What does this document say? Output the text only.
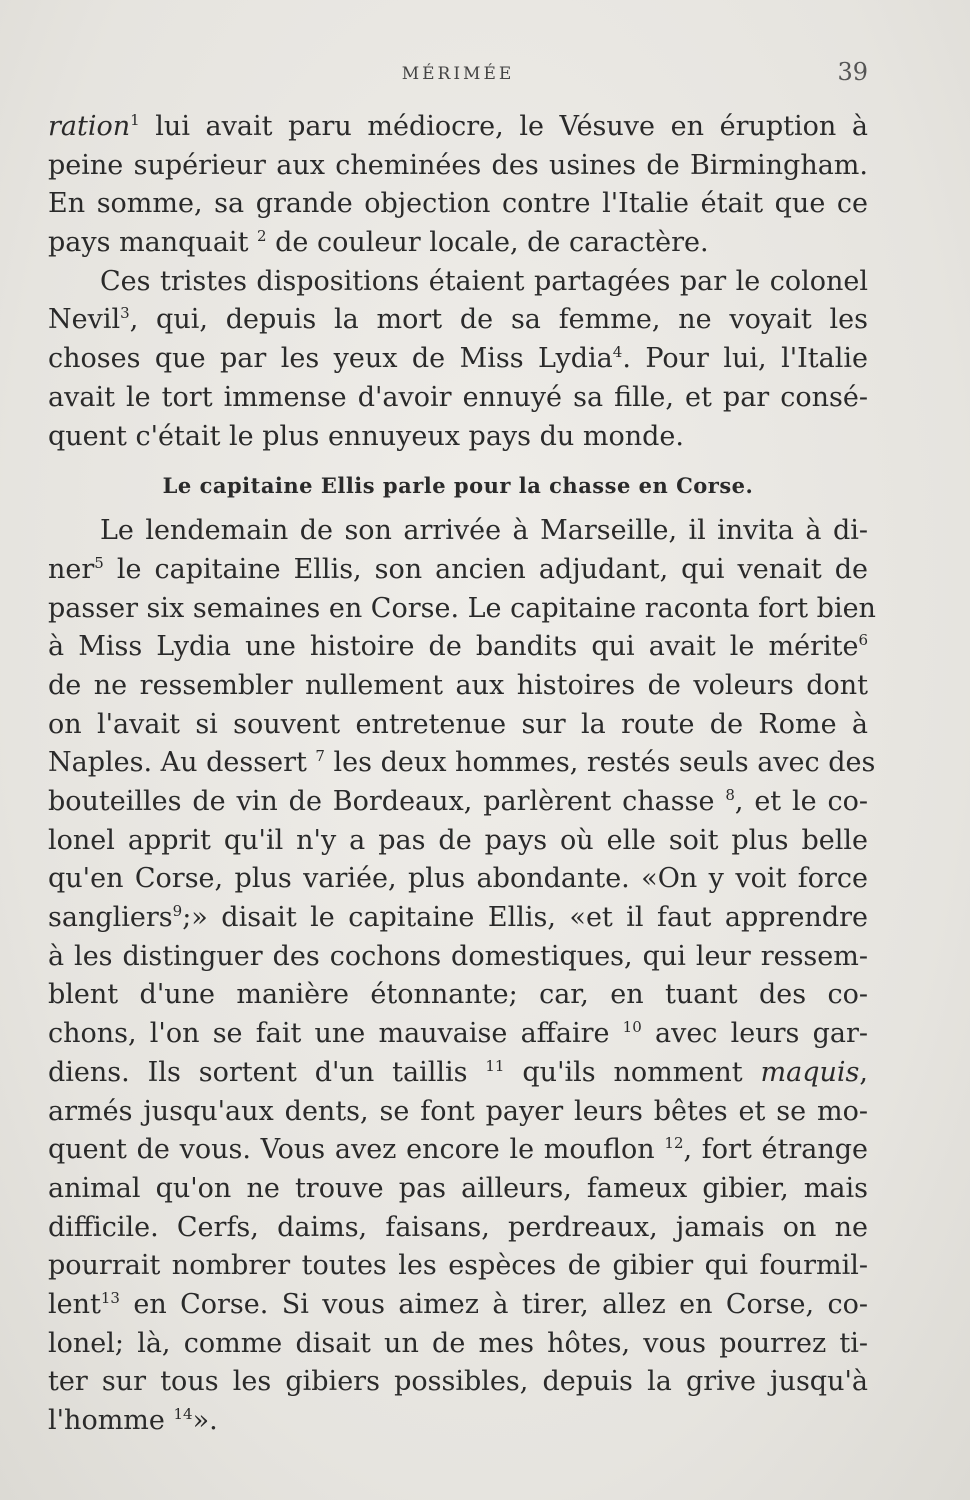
MÉRIMÉE	39
ration$^1$ lui avait paru médiocre, le Vésuve en éruption à
peine supérieur aux cheminées des usines de Birmingham.
En somme, sa grande objection contre l'Italie était que ce
pays manquait $^2$ de couleur locale, de caractère.
Ces tristes dispositions étaient partagées par le colonel
Nevil$^3$, qui, depuis la mort de sa femme, ne voyait les
choses que par les yeux de Miss Lydia$^4$. Pour lui, l'Italie
avait le tort immense d'avoir ennuyé sa fille, et par consé-
quent c'était le plus ennuyeux pays du monde.
Le capitaine Ellis parle pour la chasse en Corse.
Le lendemain de son arrivée à Marseille, il invita à di-
ner$^5$ le capitaine Ellis, son ancien adjudant, qui venait de
passer six semaines en Corse. Le capitaine raconta fort bien
à Miss Lydia une histoire de bandits qui avait le mérite$^6$
de ne ressembler nullement aux histoires de voleurs dont
on l'avait si souvent entretenue sur la route de Rome à
Naples. Au dessert $^7$ les deux hommes, restés seuls avec des
bouteilles de vin de Bordeaux, parlèrent chasse $^8$, et le co-
lonel apprit qu'il n'y a pas de pays où elle soit plus belle
qu'en Corse, plus variée, plus abondante. «On y voit force
sangliers$^9$;» disait le capitaine Ellis, «et il faut apprendre
à les distinguer des cochons domestiques, qui leur ressem-
blent d'une manière étonnante; car, en tuant des co-
chons, l'on se fait une mauvaise affaire $^{10}$ avec leurs gar-
diens. Ils sortent d'un taillis $^{11}$ qu'ils nomment maquis,
armés jusqu'aux dents, se font payer leurs bêtes et se mo-
quent de vous. Vous avez encore le mouflon $^{12}$, fort étrange
animal qu'on ne trouve pas ailleurs, fameux gibier, mais
difficile. Cerfs, daims, faisans, perdreaux, jamais on ne
pourrait nombrer toutes les espèces de gibier qui fourmil-
lent$^{13}$ en Corse. Si vous aimez à tirer, allez en Corse, co-
lonel; là, comme disait un de mes hôtes, vous pourrez ti-
ter sur tous les gibiers possibles, depuis la grive jusqu'à
l'homme $^{14}$».
